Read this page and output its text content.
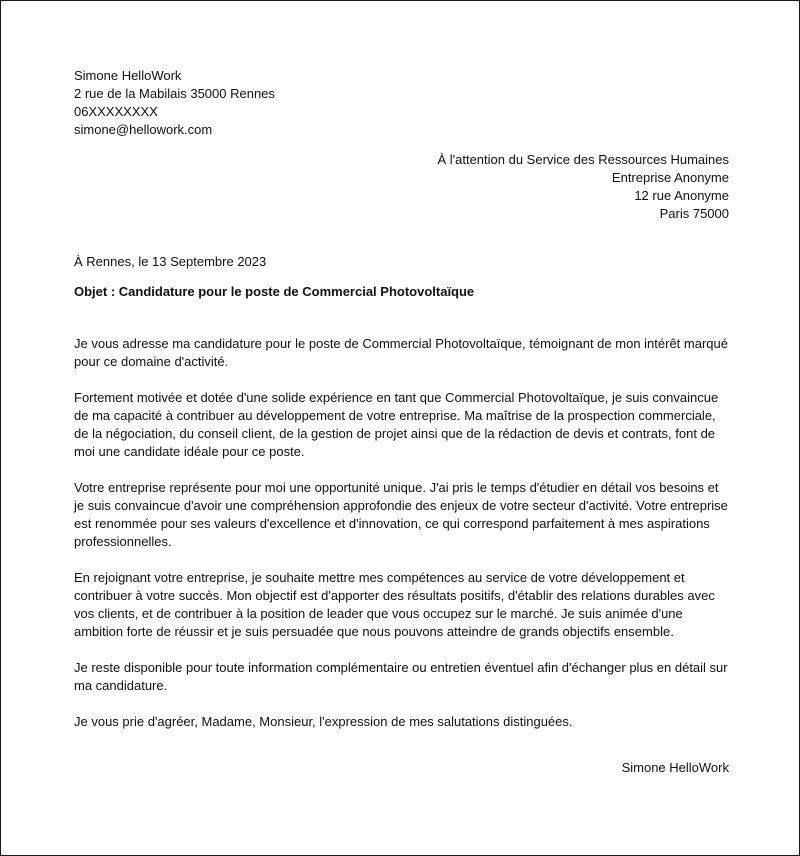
Simone HelloWork
2 rue de la Mabilais 35000 Rennes
06XXXXXXXX
simone@hellowork.com
À l'attention du Service des Ressources Humaines
Entreprise Anonyme
12 rue Anonyme
Paris 75000
À Rennes, le 13 Septembre 2023
Objet : Candidature pour le poste de Commercial Photovoltaïque

Je vous adresse ma candidature pour le poste de Commercial Photovoltaïque, témoignant de mon intérêt marqué pour ce domaine d'activité.

Fortement motivée et dotée d'une solide expérience en tant que Commercial Photovoltaïque, je suis convaincue de ma capacité à contribuer au développement de votre entreprise. Ma maîtrise de la prospection commerciale, de la négociation, du conseil client, de la gestion de projet ainsi que de la rédaction de devis et contrats, font de moi une candidate idéale pour ce poste.

Votre entreprise représente pour moi une opportunité unique. J'ai pris le temps d'étudier en détail vos besoins et je suis convaincue d'avoir une compréhension approfondie des enjeux de votre secteur d'activité. Votre entreprise est renommée pour ses valeurs d'excellence et d'innovation, ce qui correspond parfaitement à mes aspirations professionnelles.

En rejoignant votre entreprise, je souhaite mettre mes compétences au service de votre développement et contribuer à votre succès. Mon objectif est d'apporter des résultats positifs, d'établir des relations durables avec vos clients, et de contribuer à la position de leader que vous occupez sur le marché. Je suis animée d'une ambition forte de réussir et je suis persuadée que nous pouvons atteindre de grands objectifs ensemble.

Je reste disponible pour toute information complémentaire ou entretien éventuel afin d'échanger plus en détail sur ma candidature.

Je vous prie d'agréer, Madame, Monsieur, l'expression de mes salutations distinguées.

Simone HelloWork
